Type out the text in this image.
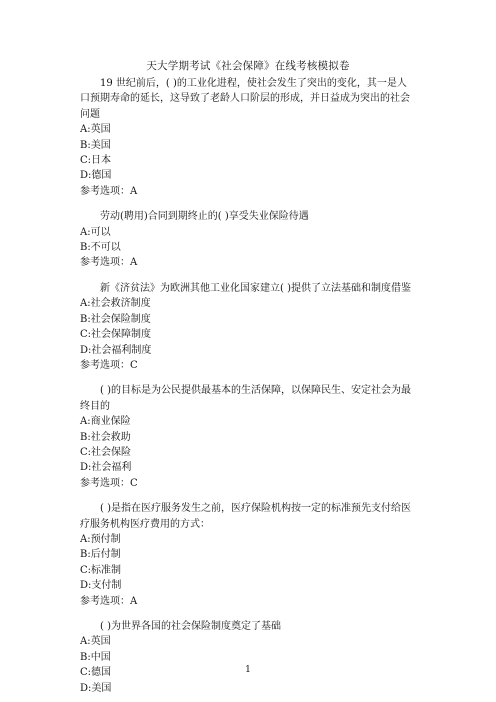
天大学期考试《社会保障》在线考核模拟卷
19 世纪前后，( )的工业化进程，使社会发生了突出的变化，其一是人口预期寿命的延长，这导致了老龄人口阶层的形成，并日益成为突出的社会问题
A:英国
B:美国
C:日本
D:德国
参考选项：A
劳动(聘用)合同到期终止的( )享受失业保险待遇
A:可以
B:不可以
参考选项：A
新《济贫法》为欧洲其他工业化国家建立( )提供了立法基础和制度借鉴
A:社会救济制度
B:社会保险制度
C:社会保障制度
D:社会福利制度
参考选项：C
( )的目标是为公民提供最基本的生活保障，以保障民生、安定社会为最终目的
A:商业保险
B:社会救助
C:社会保险
D:社会福利
参考选项：C
( )是指在医疗服务发生之前，医疗保险机构按一定的标准预先支付给医疗服务机构医疗费用的方式：
A:预付制
B:后付制
C:标准制
D:支付制
参考选项：A
( )为世界各国的社会保险制度奠定了基础
A:英国
B:中国
C:德国
D:美国
1
